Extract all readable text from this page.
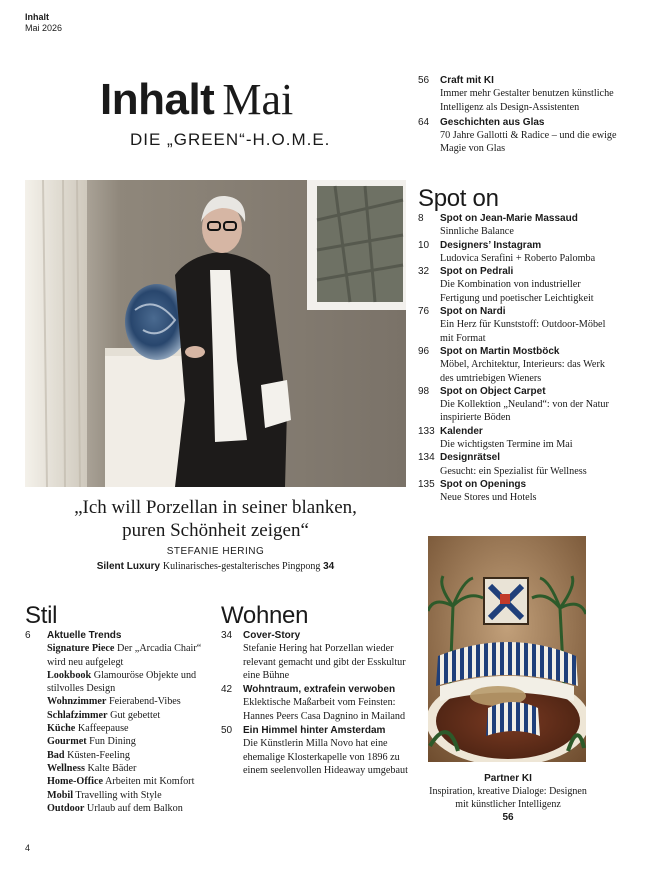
Inhalt
Mai 2026
Inhalt Mai
DIE „GREEN“-H.O.M.E.
„Ich will Porzellan in seiner blanken,
puren Schönheit zeigen“
STEFANIE HERING
Silent Luxury Kulinarisches-gestalterisches Pingpong 34
56	Craft mit KI
Immer mehr Gestalter benutzen künstliche Intelligenz als Design-Assistenten
64	Geschichten aus Glas
70 Jahre Gallotti & Radice – und die ewige Magie von Glas
Spot on
8	Spot on Jean-Marie Massaud
Sinnliche Balance
10	Designers’ Instagram
Ludovica Serafini + Roberto Palomba
32	Spot on Pedrali
Die Kombination von industrieller Fertigung und poetischer Leichtigkeit
76	Spot on Nardi
Ein Herz für Kunststoff: Outdoor-Möbel mit Format
96	Spot on Martin Mostböck
Möbel, Architektur, Interieurs: das Werk des umtriebigen Wieners
98	Spot on Object Carpet
Die Kollektion „Neuland“: von der Natur inspirierte Böden
133 Kalender
Die wichtigsten Termine im Mai
134 Designrätsel
Gesucht: ein Spezialist für Wellness
135 Spot on Openings
Neue Stores und Hotels
Stil
6	Aktuelle Trends
Signature Piece Der „Arcadia Chair“ wird neu aufgelegt
Lookbook Glamouröse Objekte und stilvolles Design
Wohnzimmer Feierabend-Vibes
Schlafzimmer Gut gebettet
Küche Kaffeepause
Gourmet Fun Dining
Bad Küsten-Feeling
Wellness Kalte Bäder
Home-Office Arbeiten mit Komfort
Mobil Travelling with Style
Outdoor Urlaub auf dem Balkon
Wohnen
34	Cover-Story
Stefanie Hering hat Porzellan wieder relevant gemacht und gibt der Esskultur eine Bühne
42	Wohntraum, extrafein verwoben
Eklektische Maßarbeit vom Feinsten: Hannes Peers Casa Dagnino in Mailand
50	Ein Himmel hinter Amsterdam
Die Künstlerin Milla Novo hat eine ehemalige Klosterkapelle von 1896 zu einem seelenvollen Hideaway umgebaut
Partner KI
Inspiration, kreative Dialoge: Designen
mit künstlicher Intelligenz
56
4
